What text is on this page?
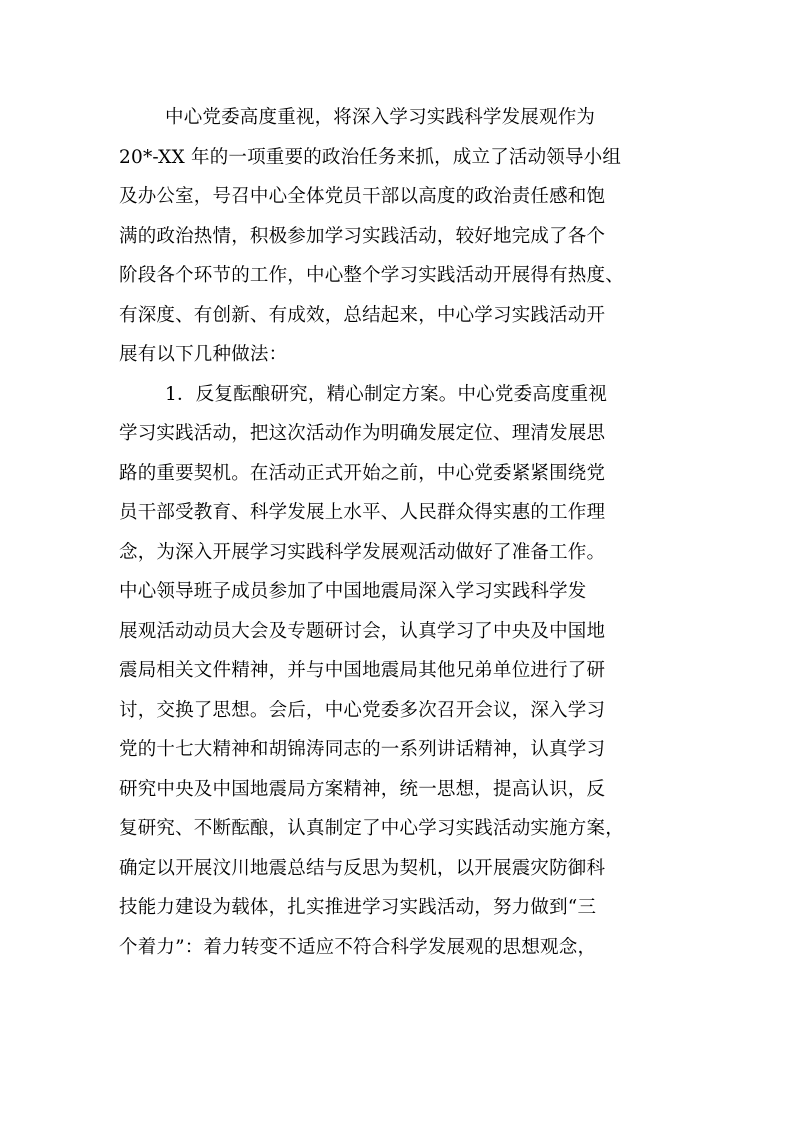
中心党委高度重视，将深入学习实践科学发展观作为
20*-XX 年的一项重要的政治任务来抓，成立了活动领导小组
及办公室，号召中心全体党员干部以高度的政治责任感和饱
满的政治热情，积极参加学习实践活动，较好地完成了各个
阶段各个环节的工作，中心整个学习实践活动开展得有热度、
有深度、有创新、有成效，总结起来，中心学习实践活动开
展有以下几种做法：
1．反复酝酿研究，精心制定方案。中心党委高度重视
学习实践活动，把这次活动作为明确发展定位、理清发展思
路的重要契机。在活动正式开始之前，中心党委紧紧围绕党
员干部受教育、科学发展上水平、人民群众得实惠的工作理
念，为深入开展学习实践科学发展观活动做好了准备工作。
中心领导班子成员参加了中国地震局深入学习实践科学发
展观活动动员大会及专题研讨会，认真学习了中央及中国地
震局相关文件精神，并与中国地震局其他兄弟单位进行了研
讨，交换了思想。会后，中心党委多次召开会议，深入学习
党的十七大精神和胡锦涛同志的一系列讲话精神，认真学习
研究中央及中国地震局方案精神，统一思想，提高认识，反
复研究、不断酝酿，认真制定了中心学习实践活动实施方案，
确定以开展汶川地震总结与反思为契机，以开展震灾防御科
技能力建设为载体，扎实推进学习实践活动，努力做到“三
个着力”：着力转变不适应不符合科学发展观的思想观念，
